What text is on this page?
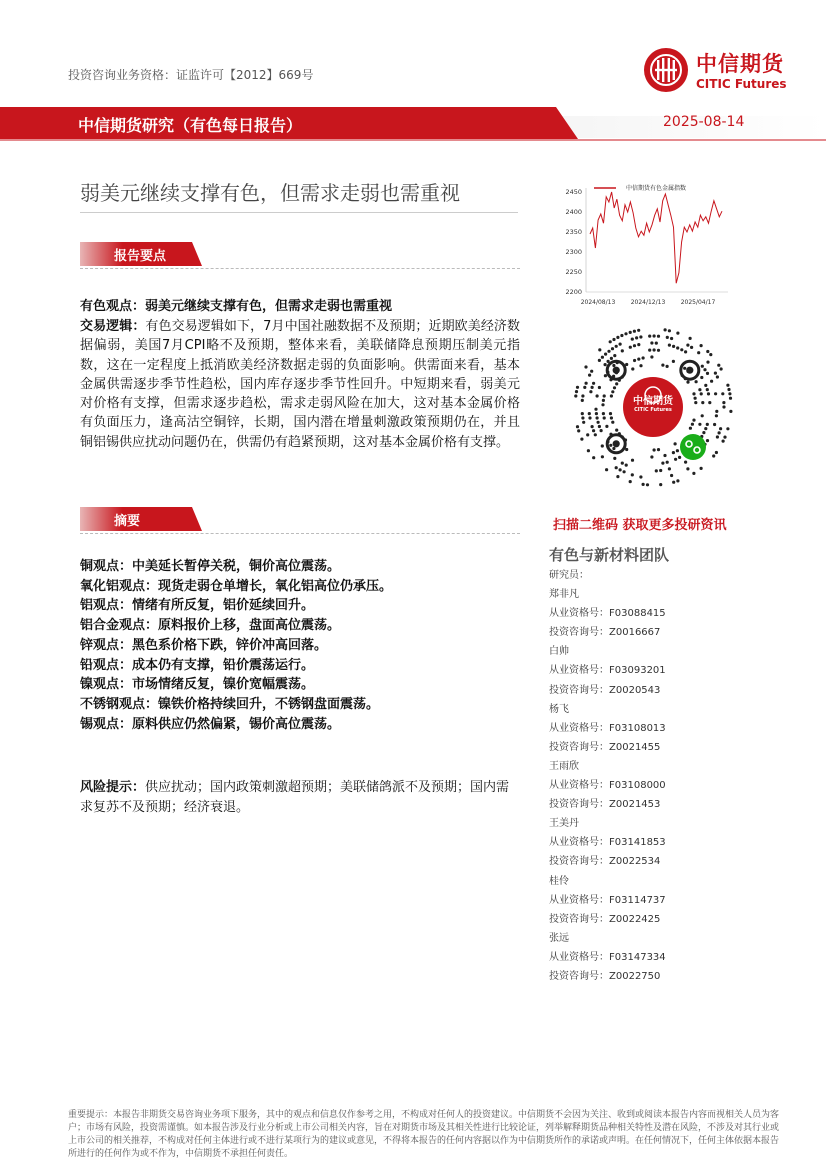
投资咨询业务资格：证监许可【2012】669号	中信期货
CITIC Futures
中信期货研究（有色每日报告）	2025-08-14
弱美元继续支撑有色，但需求走弱也需重视
报告要点
有色观点：弱美元继续支撑有色，但需求走弱也需重视
交易逻辑：有色交易逻辑如下，7月中国社融数据不及预期；近期欧美经济数据偏弱，美国7月CPI略不及预期，整体来看，美联储降息预期压制美元指数，这在一定程度上抵消欧美经济数据走弱的负面影响。供需面来看，基本金属供需逐步季节性趋松，国内库存逐步季节性回升。中短期来看，弱美元对价格有支撑，但需求逐步趋松，需求走弱风险在加大，这对基本金属价格有负面压力，逢高沽空铜锌，长期，国内潜在增量刺激政策预期仍在，并且铜铝锡供应扰动问题仍在，供需仍有趋紧预期，这对基本金属价格有支撑。
摘要
铜观点：中美延长暂停关税，铜价高位震荡。
氧化铝观点：现货走弱仓单增长，氧化铝高位仍承压。
铝观点：情绪有所反复，铝价延续回升。
铝合金观点：原料报价上移，盘面高位震荡。
锌观点：黑色系价格下跌，锌价冲高回落。
铅观点：成本仍有支撑，铅价震荡运行。
镍观点：市场情绪反复，镍价宽幅震荡。
不锈钢观点：镍铁价格持续回升，不锈钢盘面震荡。
锡观点：原料供应仍然偏紧，锡价高位震荡。
风险提示：供应扰动；国内政策刺激超预期；美联储鸽派不及预期；国内需求复苏不及预期；经济衰退。
2200
2250
2300
2350
2400
2450
2024/08/13	2024/12/13	2025/04/17
中信期货有色金属指数
中信期货
CITIC Futures
扫描二维码 获取更多投研资讯
有色与新材料团队
研究员：
郑非凡
从业资格号：F03088415
投资咨询号：Z0016667
白帅
从业资格号：F03093201
投资咨询号：Z0020543
杨飞
从业资格号：F03108013
投资咨询号：Z0021455
王雨欣
从业资格号：F03108000
投资咨询号：Z0021453
王美丹
从业资格号：F03141853
投资咨询号：Z0022534
桂伶
从业资格号：F03114737
投资咨询号：Z0022425
张远
从业资格号：F03147334
投资咨询号：Z0022750
重要提示：本报告非期货交易咨询业务项下服务，其中的观点和信息仅作参考之用，不构成对任何人的投资建议。中信期货不会因为关注、收到或阅读本报告内容而视相关人员为客户；市场有风险，投资需谨慎。如本报告涉及行业分析或上市公司相关内容，旨在对期货市场及其相关性进行比较论证，列举解释期货品种相关特性及潜在风险，不涉及对其行业或上市公司的相关推荐，不构成对任何主体进行或不进行某项行为的建议或意见，不得将本报告的任何内容据以作为中信期货所作的承诺或声明。在任何情况下，任何主体依据本报告所进行的任何作为或不作为，中信期货不承担任何责任。
